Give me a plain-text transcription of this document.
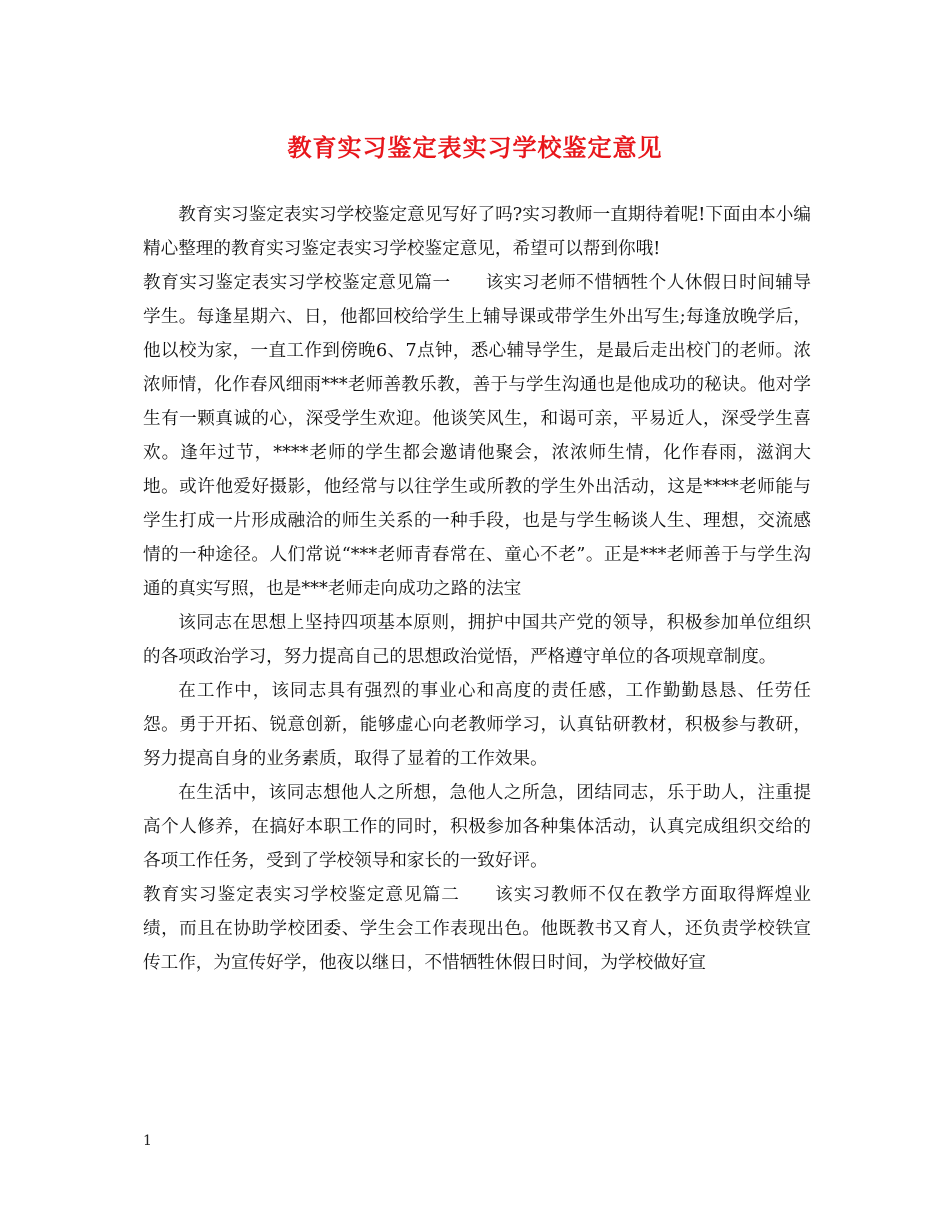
教育实习鉴定表实习学校鉴定意见

教育实习鉴定表实习学校鉴定意见写好了吗?实习教师一直期待着呢!下面由本小编精心整理的教育实习鉴定表实习学校鉴定意见，希望可以帮到你哦!

教育实习鉴定表实习学校鉴定意见篇一 该实习老师不惜牺牲个人休假日时间辅导学生。每逢星期六、日，他都回校给学生上辅导课或带学生外出写生;每逢放晚学后，他以校为家，一直工作到傍晚6、7点钟，悉心辅导学生，是最后走出校门的老师。浓浓师情，化作春风细雨***老师善教乐教，善于与学生沟通也是他成功的秘诀。他对学生有一颗真诚的心，深受学生欢迎。他谈笑风生，和谒可亲，平易近人，深受学生喜欢。逢年过节，****老师的学生都会邀请他聚会，浓浓师生情，化作春雨，滋润大地。或许他爱好摄影，他经常与以往学生或所教的学生外出活动，这是****老师能与学生打成一片形成融洽的师生关系的一种手段，也是与学生畅谈人生、理想，交流感情的一种途径。人们常说“***老师青春常在、童心不老”。正是***老师善于与学生沟通的真实写照，也是***老师走向成功之路的法宝

该同志在思想上坚持四项基本原则，拥护中国共产党的领导，积极参加单位组织的各项政治学习，努力提高自己的思想政治觉悟，严格遵守单位的各项规章制度。

在工作中，该同志具有强烈的事业心和高度的责任感，工作勤勤恳恳、任劳任怨。勇于开拓、锐意创新，能够虚心向老教师学习，认真钻研教材，积极参与教研，努力提高自身的业务素质，取得了显着的工作效果。

在生活中，该同志想他人之所想，急他人之所急，团结同志，乐于助人，注重提高个人修养，在搞好本职工作的同时，积极参加各种集体活动，认真完成组织交给的各项工作任务，受到了学校领导和家长的一致好评。

教育实习鉴定表实习学校鉴定意见篇二 该实习教师不仅在教学方面取得辉煌业绩，而且在协助学校团委、学生会工作表现出色。他既教书又育人，还负责学校铁宣传工作，为宣传好学，他夜以继日，不惜牺牲休假日时间，为学校做好宣

1
